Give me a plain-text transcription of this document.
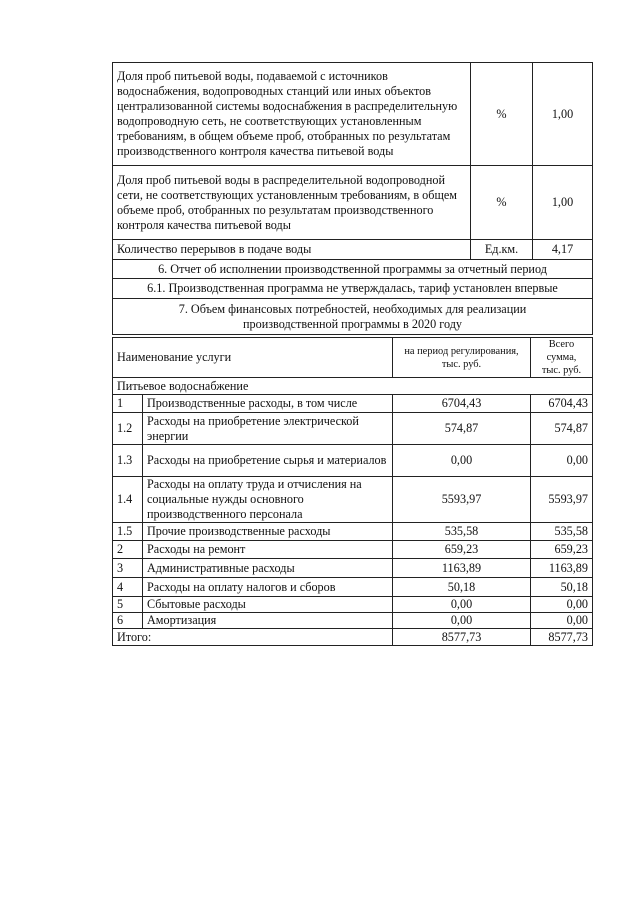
Доля проб питьевой воды, подаваемой с источников водоснабжения, водопроводных станций или иных объектов централизованной системы водоснабжения в распределительную водопроводную сеть, не соответствующих установленным требованиям, в общем объеме проб, отобранных по результатам производственного контроля качества питьевой воды	%	1,00
Доля проб питьевой воды в распределительной водопроводной сети, не соответствующих установленным требованиям, в общем объеме проб, отобранных по результатам производственного контроля качества питьевой воды	%	1,00
Количество перерывов в подаче воды	Ед.км.	4,17
6. Отчет об исполнении производственной программы за отчетный период		
6.1. Производственная программа не утверждалась, тариф установлен впервые		
7. Объем финансовых потребностей, необходимых для реализации производственной программы в 2020 году		
Наименование услуги		на период регулирования, тыс. руб.	Всего сумма, тыс. руб.
Питьевое водоснабжение			
1	Производственные расходы, в том числе	6704,43	6704,43
1.2	Расходы на приобретение электрической энергии	574,87	574,87
1.3	Расходы на приобретение сырья и материалов	0,00	0,00
1.4	Расходы на оплату труда и отчисления на социальные нужды основного производственного персонала	5593,97	5593,97
1.5	Прочие производственные расходы	535,58	535,58
2	Расходы на ремонт	659,23	659,23
3	Административные расходы	1163,89	1163,89
4	Расходы на оплату налогов и сборов	50,18	50,18
5	Сбытовые расходы	0,00	0,00
6	Амортизация	0,00	0,00
Итого:		8577,73	8577,73
